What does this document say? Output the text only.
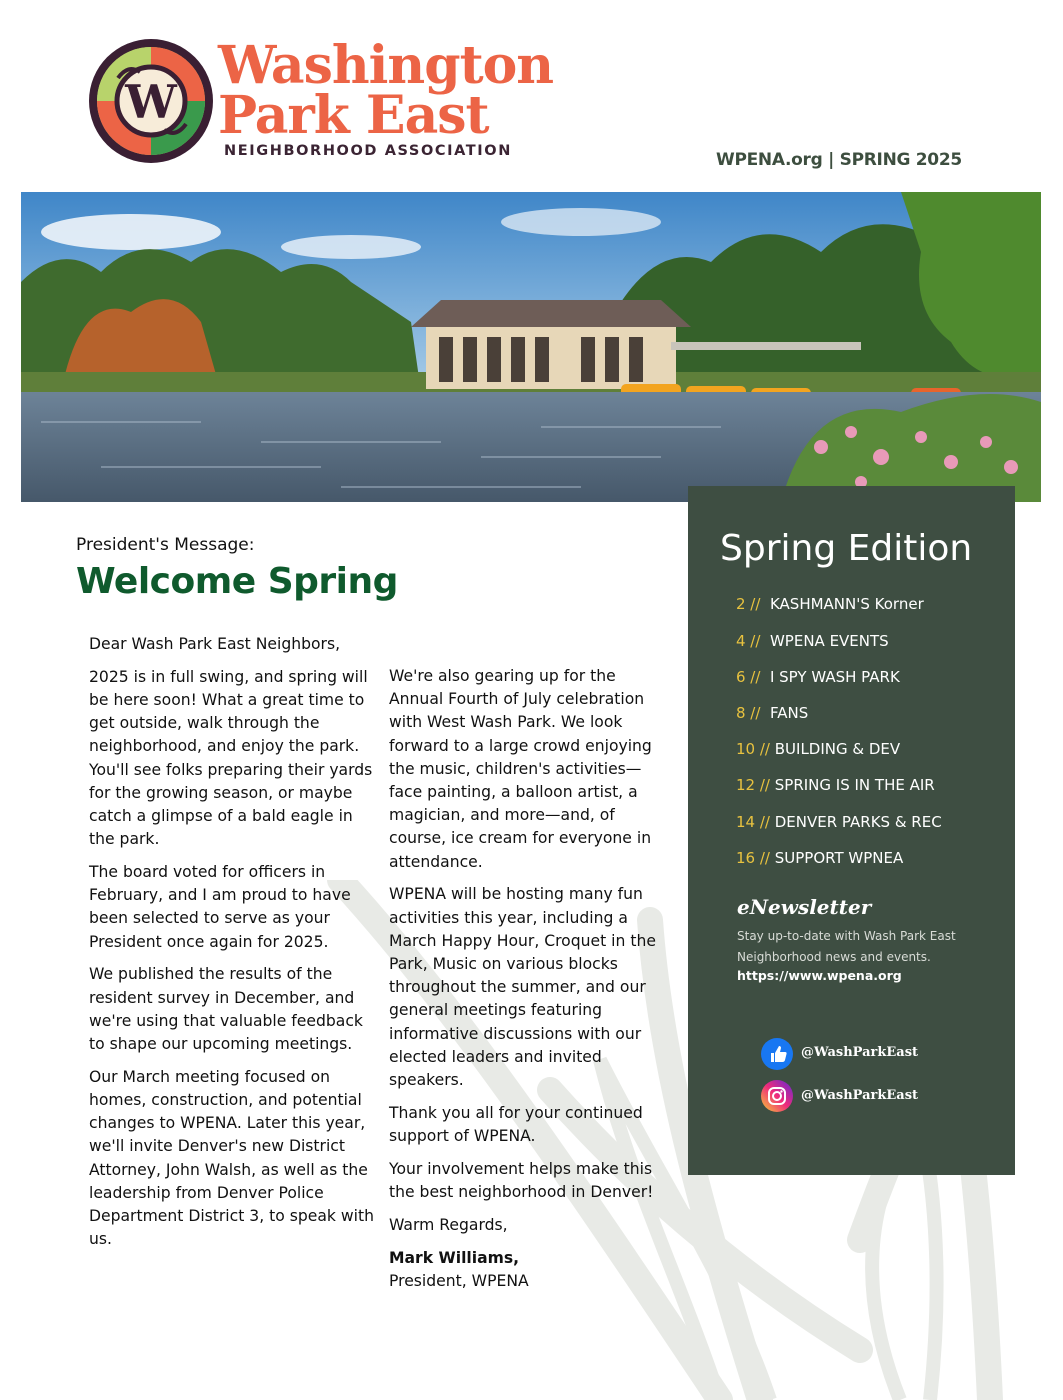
W
Washington
Park East
NEIGHBORHOOD ASSOCIATION	WPENA.org | SPRING 2025
Spring Edition
2 // KASHMANN'S Korner
4 // WPENA EVENTS
6 // I SPY WASH PARK
8 // FANS
10 // BUILDING & DEV
12 // SPRING IS IN THE AIR
14 // DENVER PARKS & REC
16 // SUPPORT WPNEA
eNewsletter
Stay up-to-date with Wash Park East Neighborhood news and events.
https://www.wpena.org
@WashParkEast
@WashParkEast
President's Message:
Welcome Spring

Dear Wash Park East Neighbors,

2025 is in full swing, and spring will be here soon! What a great time to get outside, walk through the neighborhood, and enjoy the park. You'll see folks preparing their yards for the growing season, or maybe catch a glimpse of a bald eagle in the park.

The board voted for officers in February, and I am proud to have been selected to serve as your President once again for 2025.

We published the results of the resident survey in December, and we're using that valuable feedback to shape our upcoming meetings.

Our March meeting focused on homes, construction, and potential changes to WPENA. Later this year, we'll invite Denver's new District Attorney, John Walsh, as well as the leadership from Denver Police Department District 3, to speak with us.

We're also gearing up for the Annual Fourth of July celebration with West Wash Park. We look forward to a large crowd enjoying the music, children's activities—face painting, a balloon artist, a magician, and more—and, of course, ice cream for everyone in attendance.

WPENA will be hosting many fun activities this year, including a March Happy Hour, Croquet in the Park, Music on various blocks throughout the summer, and our general meetings featuring informative discussions with our elected leaders and invited speakers.

Thank you all for your continued support of WPENA.

Your involvement helps make this the best neighborhood in Denver!

Warm Regards,

Mark Williams,

President, WPENA
